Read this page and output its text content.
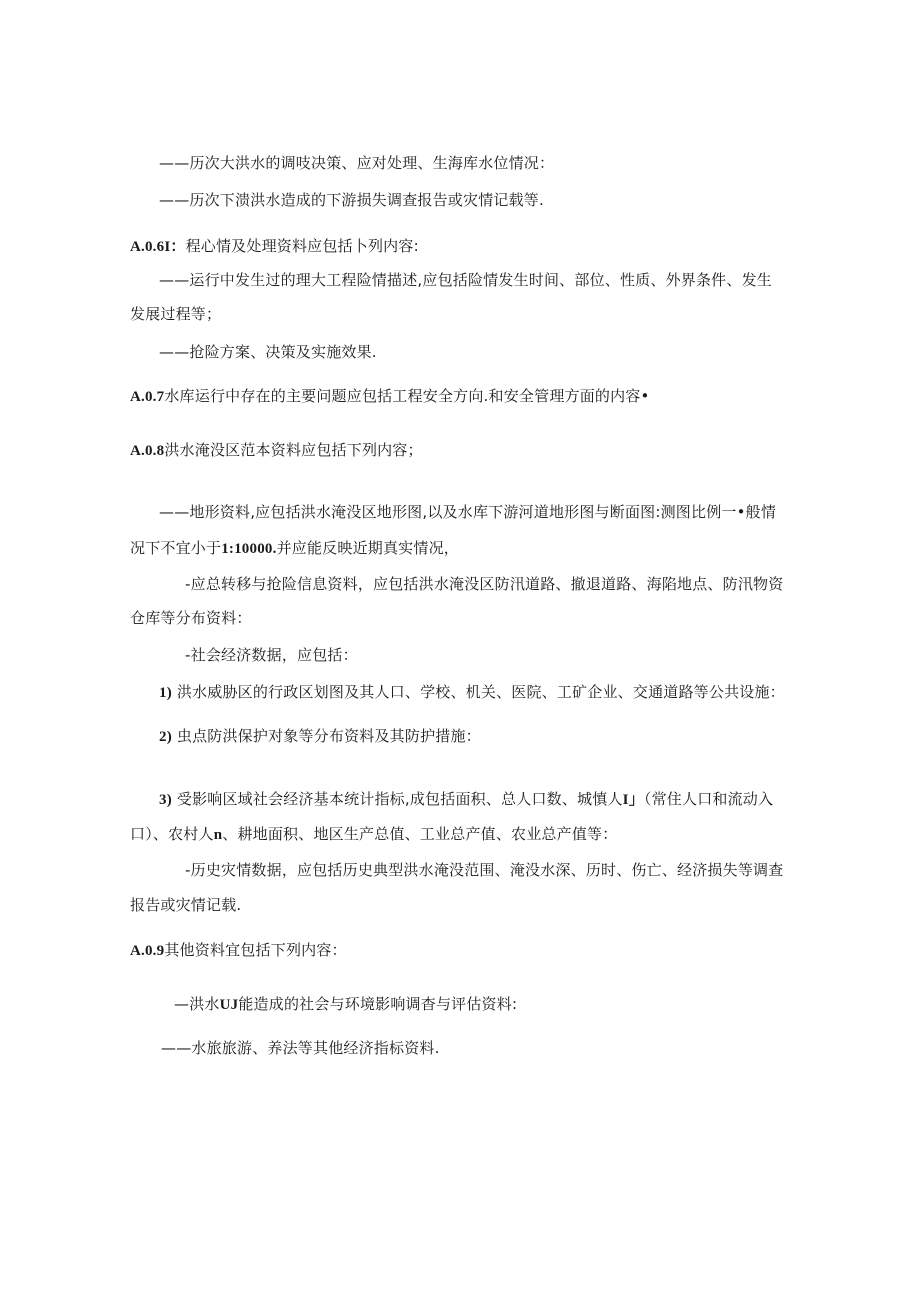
——历次大洪水的调吱决策、应对处理、生海库水位情况：
——历次下溃洪水造成的下游损失调查报告或灾情记载等.
A.0.6I：程心情及处理资料应包括卜列内容:
——运行中发生过的理大工程险情描述,应包括险情发生时间、部位、性质、外界条件、发生
发展过程等；
——抢险方案、决策及实施效果.
A.0.7水库运行中存在的主要问题应包括工程安全方向.和安全管理方面的内容•
A.0.8洪水淹没区范本资料应包括下列内容；
——地形资料,应包括洪水淹没区地形图,以及水库下游河道地形图与断面图:测图比例一•般情
况下不宜小于1:10000.并应能反映近期真实情况，
-应总转移与抢险信息资料，应包括洪水淹没区防汛道路、撤退道路、海陷地点、防汛物资
仓库等分布资料：
-社会经济数据，应包括：
1) 洪水威胁区的行政区划图及其人口、学校、机关、医院、工矿企业、交通道路等公共设施：
2) 虫点防洪保护对象等分布资料及其防护措施：
3) 受影响区域社会经济基本统计指标,成包括面积、总人口数、城慎人I」（常住人口和流动入
口）、农村人n、耕地面积、地区生产总值、工业总产值、农业总产值等：
-历史灾情数据，应包括历史典型洪水淹没范围、淹没水深、历时、伤亡、经济损失等调查
报告或灾情记载.
A.0.9其他资料宜包括下列内容：
—洪水UJ能造成的社会与环境影响调杳与评估资料:
——水旅旅游、养法等其他经济指标资料.
